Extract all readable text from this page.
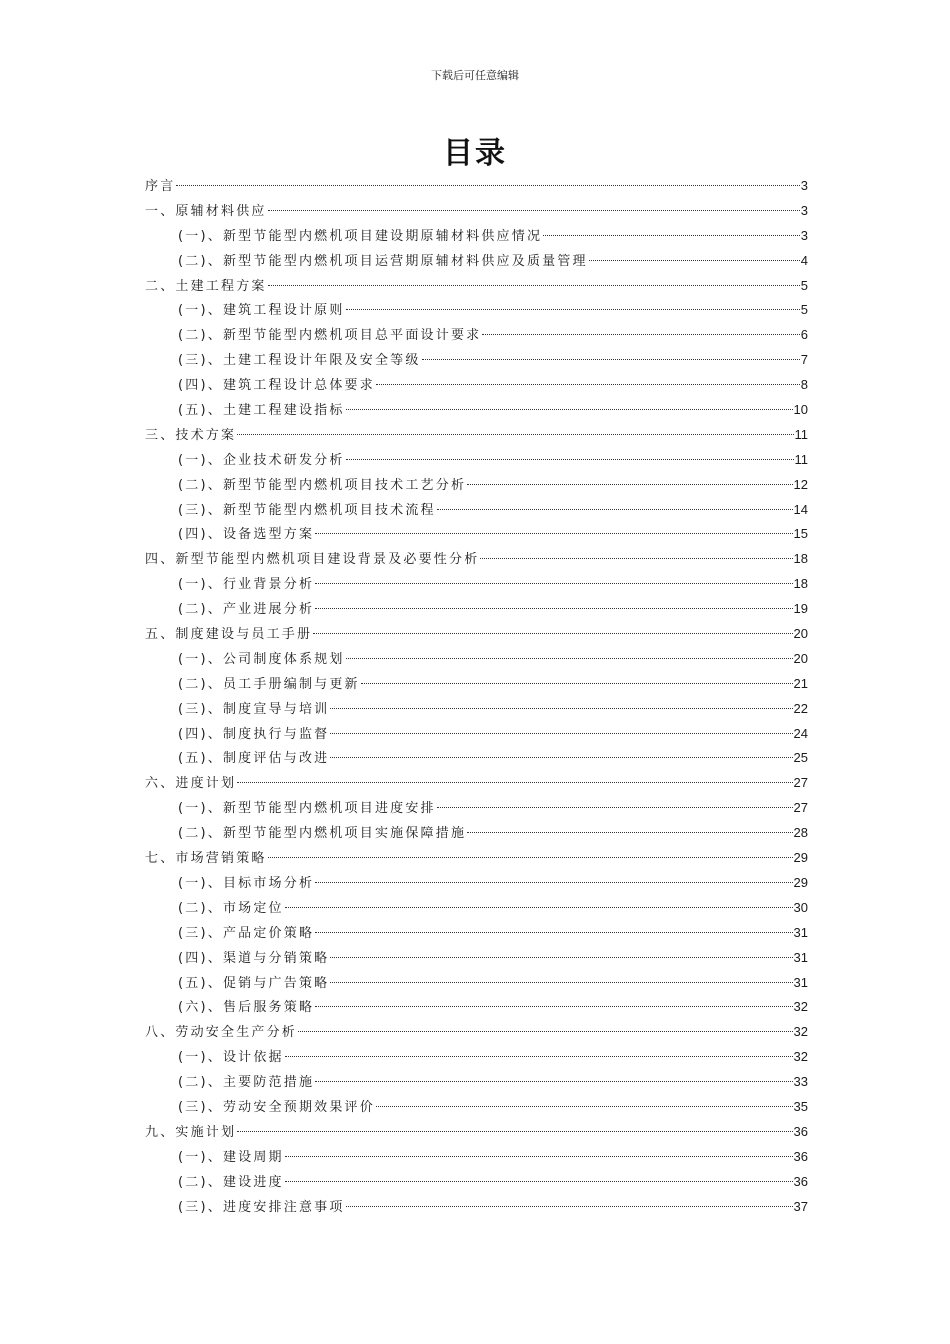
下载后可任意编辑
目录
序言	3
一、原辅材料供应	3
(一)、新型节能型内燃机项目建设期原辅材料供应情况	3
(二)、新型节能型内燃机项目运营期原辅材料供应及质量管理	4
二、土建工程方案	5
(一)、建筑工程设计原则	5
(二)、新型节能型内燃机项目总平面设计要求	6
(三)、土建工程设计年限及安全等级	7
(四)、建筑工程设计总体要求	8
(五)、土建工程建设指标	10
三、技术方案	11
(一)、企业技术研发分析	11
(二)、新型节能型内燃机项目技术工艺分析	12
(三)、新型节能型内燃机项目技术流程	14
(四)、设备选型方案	15
四、新型节能型内燃机项目建设背景及必要性分析	18
(一)、行业背景分析	18
(二)、产业进展分析	19
五、制度建设与员工手册	20
(一)、公司制度体系规划	20
(二)、员工手册编制与更新	21
(三)、制度宣导与培训	22
(四)、制度执行与监督	24
(五)、制度评估与改进	25
六、进度计划	27
(一)、新型节能型内燃机项目进度安排	27
(二)、新型节能型内燃机项目实施保障措施	28
七、市场营销策略	29
(一)、目标市场分析	29
(二)、市场定位	30
(三)、产品定价策略	31
(四)、渠道与分销策略	31
(五)、促销与广告策略	31
(六)、售后服务策略	32
八、劳动安全生产分析	32
(一)、设计依据	32
(二)、主要防范措施	33
(三)、劳动安全预期效果评价	35
九、实施计划	36
(一)、建设周期	36
(二)、建设进度	36
(三)、进度安排注意事项	37
